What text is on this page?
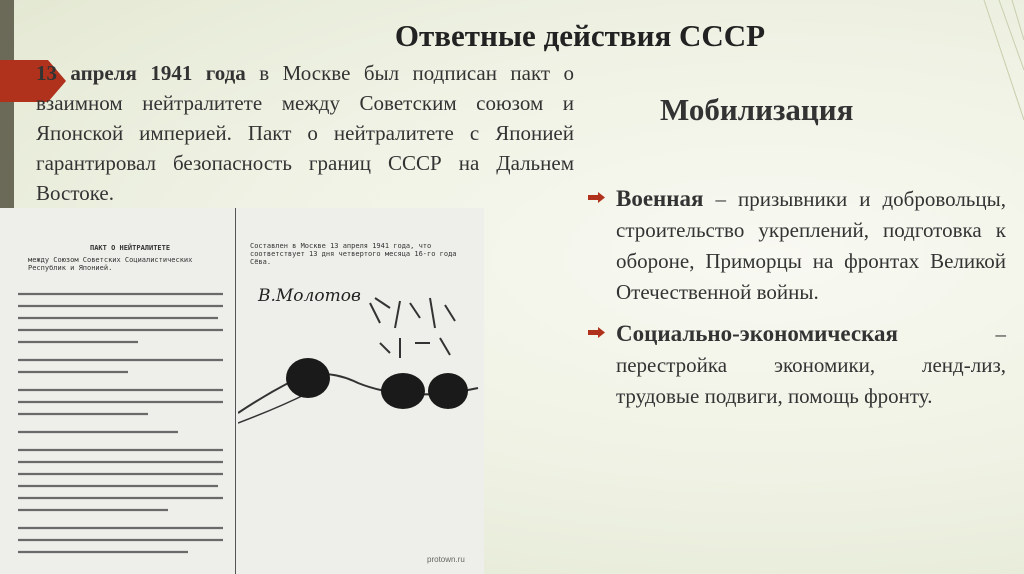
Ответные действия СССР
ПАКТ О НЕЙТРАЛИТЕТЕ
между Союзом Советских Социалистических Республик и Японией.
Составлен в Москве 13 апреля 1941 года, что соответствует 13 дня четвертого месяца 16-го года Сёва.
В.Молотов
13 апреля 1941 года в Москве был подписан пакт о взаимном нейтралитете между Советским союзом и Японской империей. Пакт о нейтралитете с Японией гарантировал безопасность границ СССР на Дальнем Востоке.
Мобилизация
Военная – призывники и добровольцы, строительство укреплений, подготовка к обороне, Приморцы на фронтах Великой Отечественной войны.
Социально-экономическая – перестройка экономики, ленд-лиз, трудовые подвиги, помощь фронту.
protown.ru
